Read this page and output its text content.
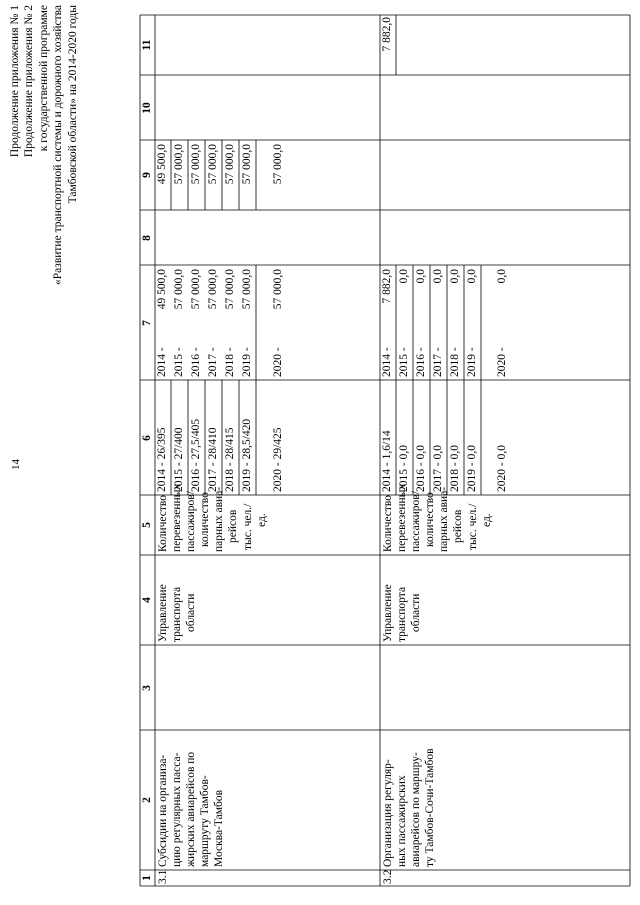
14
Продолжение приложения № 1 Продолжение приложения № 2 к государственной программе «Развитие транспортной системы и дорожного хозяйства Тамбовской области» на 2014-2020 годы
1
2
3
4
5
6
7
8
9
10
11
3.1
Субсидии на организа- цию регулярных пасса- жирских авиарейсов по маршруту Тамбов- Москва-Тамбов
Управление транспорта области
Количество перевезенных пассажиров/ количество парных авиа- рейсов тыс. чел./ ед.
2014 - 26/395 2015 - 27/400 2016 - 27,5/405 2017 - 28/410 2018 - 28/415 2019 - 28,5/420 2020 - 29/425
2014 - 2015 - 2016 - 2017 - 2018 - 2019 - 2020 -
49 500,0 57 000,0 57 000,0 57 000,0 57 000,0 57 000,0 57 000,0
49 500,0 57 000,0 57 000,0 57 000,0 57 000,0 57 000,0 57 000,0
3.2
Организация регуляр- ных пассажирских авиарейсов по маршру- ту Тамбов-Сочи-Тамбов
Управление транспорта области
Количество перевезенных пассажиров/ количество парных авиа- рейсов тыс. чел./ ед.
2014 - 1,6/14 2015 - 0,0 2016 - 0,0 2017 - 0,0 2018 - 0,0 2019 - 0,0 2020 - 0,0
2014 - 2015 - 2016 - 2017 - 2018 - 2019 - 2020 -
7 882,0 0,0 0,0 0,0 0,0 0,0 0,0
7 882,0
